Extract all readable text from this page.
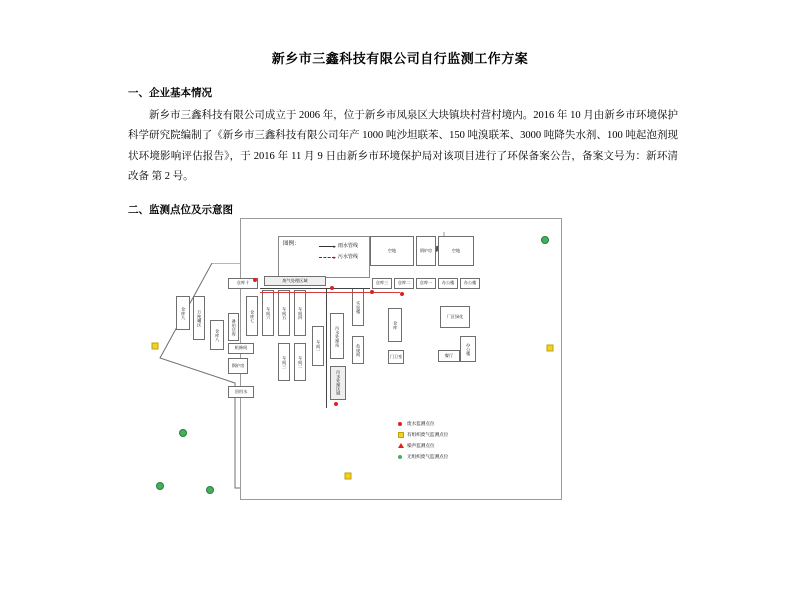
新乡市三鑫科技有限公司自行监测工作方案
一、企业基本情况
新乡市三鑫科技有限公司成立于 2006 年，位于新乡市凤泉区大块镇块村营村境内。2016 年 10 月由新乡市环境保护科学研究院编制了《新乡市三鑫科技有限公司年产 1000 吨沙坦联苯、150 吨溴联苯、3000 吨降失水剂、100 吨起泡剂现状环境影响评估报告》，于 2016 年 11 月 9 日由新乡市环境保护局对该项目进行了环保备案公告，备案文号为：新环清改备 第 2 号。
二、监测点位及示意图
图例：
▸ 雨水管线
▸ 污水管线
空地	锅炉房	空地
仓库十	废气处理区域
仓库九	万吨罐区
仓库八	备用仓库
机修间
锅炉房
回用水
仓库七	车间六	车间五	车间四
车间三	车间二
车间一	污水处理站
污水处理区域
实验楼
危废间
仓库三	仓库二	仓库一	办公楼	办公楼
仓库
厂区绿化
门卫室	餐厅
办公楼
废水监测点位
有组织废气监测点位
噪声监测点位
无组织废气监测点位
